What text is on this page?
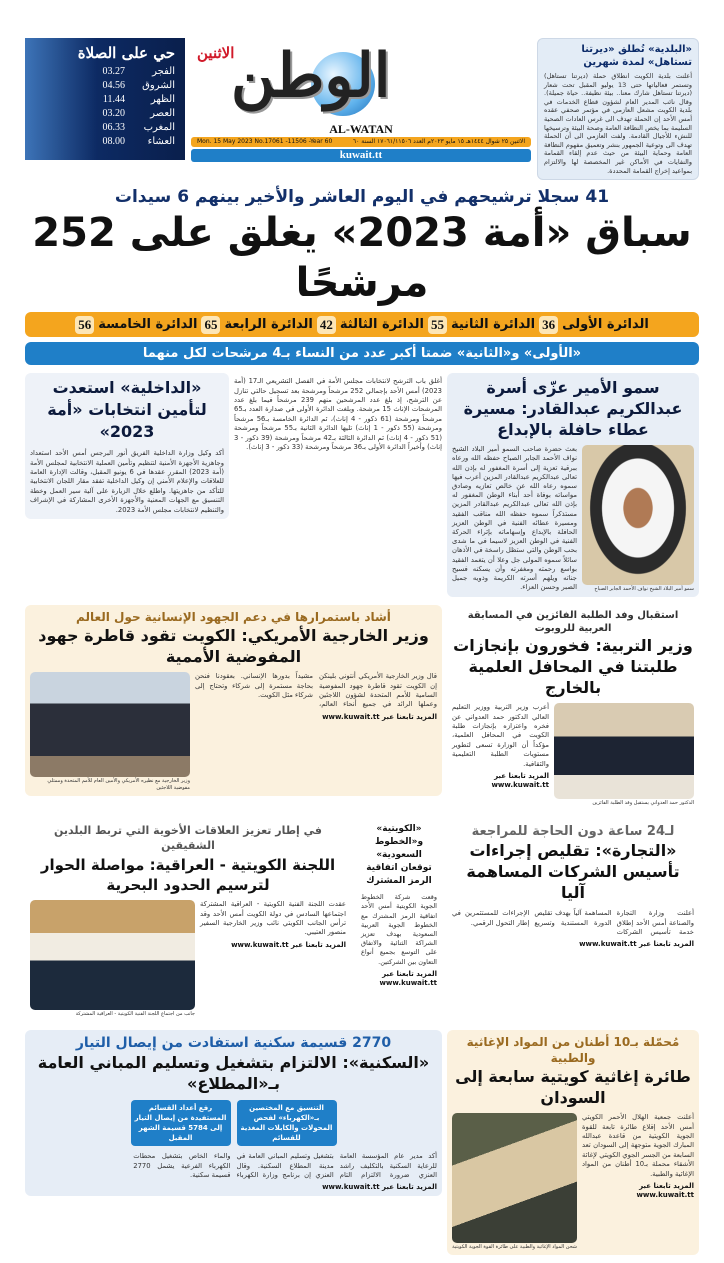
«البلدية» تُطلق «ديرتنا تستاهل» لمدة شهرين

أعلنت بلدية الكويت انطلاق حملة (ديرتنا تستاهل) وتستمر فعالياتها حتى 13 يوليو المقبل تحت شعار (ديرتنا تستاهل شارك معنا.. بيئة نظيفة.. حياة جميلة). وقال نائب المدير العام لشؤون قطاع الخدمات في بلدية الكويت مشعل العازمي في مؤتمر صحفي عقده أمس الأحد إن الحملة تهدف الى غرس العادات الصحية السليمة بما يخص النظافة العامة وصحة البيئة وترسيخها للنشء للأجيال القادمة. ولفت العازمي الى أن الحملة تهدف الى وتوعية الجمهور بنشر وتعميق مفهوم النظافة العامة وحماية البيئة من حيث عدم إلقاء القمامة والنفايات في الأماكن غير المخصصة لها والالتزام بمواعيد إخراج القمامة المحددة.

الوطن
الاثنين
AL-WATAN
Mon. 15 May 2023 No.17061 -11506 -Year 60	الاثنين ٢٥ شوال ١٤٤٤هـ ١٥ مايو ٢٠٢٣م العدد ١٧٠٦١/١١٥٠٦ السنة ٦٠
kuwait.tt
حي على الصلاة
الفجر
03.27
الشروق
04.56
الظهر
11.44
العصر
03.20
المغرب
06.33
العشاء
08.00
41 سجلا ترشيحهم في اليوم العاشر والأخير بينهم 6 سيدات
سباق «أمة 2023» يغلق على 252 مرشحًا
الدائرة الأولى
36
الدائرة الثانية
55
الدائرة الثالثة
42
الدائرة الرابعة
65
الدائرة الخامسة
56
«الأولى» و«الثانية» ضمتا أكبر عدد من النساء بـ4 مرشحات لكل منهما
سمو الأمير عزّى أسرة عبدالكريم عبدالقادر: مسيرة عطاء حافلة بالإبداع
سمو أمير البلاد الشيخ نواف الأحمد الجابر الصباح

بعث حضرة صاحب السمو أمير البلاد الشيخ نواف الأحمد الجابر الصباح حفظه الله ورعاه ببرقية تعزية إلى أسرة المغفور له بإذن الله تعالى عبدالكريم عبدالقادر المزين أعرب فيها سموه رعاه الله عن خالص تعازيه وصادق مواساته بوفاة أحد أبناء الوطن المغفور له بإذن الله تعالى عبدالكريم عبدالقادر المزين مستذكراً سموه حفظه الله مناقب الفقيد ومسيرة عطائه الفنية في الوطن العزيز الحافلة بالإبداع وإسهاماته بإثراء الحركة الفنية في الوطن العزيز لاسيما في ما شدى بحب الوطن والتي ستظل راسخة في الأذهان سائلاً سموه المولى جل وعلا أن يتغمد الفقيد بواسع رحمته ومغفرته وأن يسكنه فسيح جناته ويلهم أسرته الكريمة وذويه جميل الصبر وحسن العزاء.

أغلق باب الترشح لانتخابات مجلس الأمة في الفصل التشريعي الـ17 (أمة 2023) أمس الأحد بإجمالي 252 مرشحاً ومرشحة بعد تسجيل حالتي تنازل عن الترشح، إذ بلغ عدد المرشحين منهم 239 مرشحاً فيما بلغ عدد المرشحات الإناث 15 مرشحة. وبلغت الدائرة الأولى في صدارة العدد بـ65 مرشحاً ومرشحة (61 ذكور - 4 إناث)، ثم الدائرة الخامسة بـ56 مرشحاً ومرشحة (55 ذكور - 1 إناث) تليها الدائرة الثانية بـ55 مرشحاً ومرشحة (51 ذكور - 4 إناث) ثم الدائرة الثالثة بـ42 مرشحاً ومرشحة (39 ذكور - 3 إناث) وأخيراً الدائرة الأولى بـ36 مرشحاً ومرشحة (33 ذكور - 3 إناث).

«الداخلية» استعدت لتأمين انتخابات «أمة 2023»

أكد وكيل وزارة الداخلية الفريق أنور البرجس أمس الأحد استعداد وجاهزية الأجهزة الأمنية لتنظيم وتأمين العملية الانتخابية لمجلس الأمة (أمة 2023) المقرر عقدها في 6 يونيو المقبل، وقالت الإدارة العامة للعلاقات والإعلام الأمني إن وكيل الداخلية تفقد مقار اللجان الانتخابية للتأكد من جاهزيتها. واطلع خلال الزيارة على آلية سير العمل وخطة التنسيق مع الجهات المعنية والأجهزة الأخرى المشاركة في الإشراف والتنظيم لانتخابات مجلس الأمة 2023.

استقبال وفد الطلبة الفائزين في المسابقة العربية للروبوت
وزير التربية: فخورون بإنجازات طلبتنا في المحافل العلمية بالخارج
الدكتور حمد العدواني يستقبل وفد الطلبة الفائزين

أعرب وزير التربية ووزير التعليم العالي الدكتور حمد العدواني عن فخره واعتزازه بإنجازات طلبة الكويت في المحافل العلمية، مؤكداً أن الوزارة تسعى لتطوير مستويات الطلبة التعليمية والثقافية.

المزيد تابعنا عبر www.kuwait.tt
أشاد باستمرارها في دعم الجهود الإنسانية حول العالم
وزير الخارجية الأمريكي: الكويت تقود قاطرة جهود المفوضية الأممية

قال وزير الخارجية الأمريكي أنتوني بلينكن إن الكويت تقود قاطرة جهود المفوضية السامية للأمم المتحدة لشؤون اللاجئين وعملها الرائد في جميع أنحاء العالم، مشيداً بدورها الإنساني. بعقودنا فنحن بحاجة مستمرة إلى شركاء وتحتاج إلى شركاء مثل الكويت.

المزيد تابعنا عبر www.kuwait.tt
وزير الخارجية مع نظيره الأمريكي والأمين العام للأمم المتحدة وممثلي مفوضية اللاجئين
لـ24 ساعة دون الحاجة للمراجعة
«التجارة»: تقليص إجراءات تأسيس الشركات المساهمة آليا

أعلنت وزارة التجارة والصناعة أمس الأحد إطلاق خدمة تأسيس الشركات المساهمة آلياً بهدف تقليص الدورة المستندية وتسريع الإجراءات للمستثمرين في إطار التحول الرقمي.

المزيد تابعنا عبر www.kuwait.tt
«الكويتية» و«الخطوط السعودية» توقعان اتفاقية الرمز المشترك

وقعت شركة الخطوط الجوية الكويتية أمس الأحد اتفاقية الرمز المشترك مع الخطوط الجوية العربية السعودية بهدف تعزيز الشراكة الثنائية والاتفاق على التوسع بجميع أنواع التعاون بين الشركتين.

المزيد تابعنا عبر www.kuwait.tt
في إطار تعزيز العلاقات الأخوية التي تربط البلدين الشقيقين
اللجنة الكويتية - العراقية: مواصلة الحوار لترسيم الحدود البحرية

عقدت اللجنة الفنية الكويتية - العراقية المشتركة اجتماعها السادس في دولة الكويت أمس الأحد وقد ترأس الجانب الكويتي نائب وزير الخارجية السفير منصور العتيبي.

المزيد تابعنا عبر www.kuwait.tt
جانب من اجتماع اللجنة الفنية الكويتية - العراقية المشتركة
مُحمّلة بـ10 أطنان من المواد الإغاثية والطبية
طائرة إغاثية كويتية سابعة إلى السودان

أعلنت جمعية الهلال الأحمر الكويتي أمس الأحد إقلاع طائرة تابعة للقوة الجوية الكويتية من قاعدة عبدالله المبارك الجوية متوجهة إلى السودان تعد السابعة من الجسر الجوي الكويتي لإغاثة الأشقاء محملة بـ10 أطنان من المواد الإغاثية والطبية.

المزيد تابعنا عبر www.kuwait.tt
شحن المواد الإغاثية والطبية على طائرة القوة الجوية الكويتية
2770 قسيمة سكنية استفادت من إيصال التيار
«السكنية»: الالتزام بتشغيل وتسليم المباني العامة بـ«المطلاع»
التنسيق مع المختصين بـ«الكهرباء» لفحص المحولات والكابلات المغذية للقسائم
رفع أعداد القسائم المستفيدة من إيصال التيار إلى 5784 قسيمة الشهر المقبل

أكد مدير عام المؤسسة العامة للرعاية السكنية بالتكليف راشد العنزي ضرورة الالتزام التام بتشغيل وتسليم المباني العامة في مدينة المطلاع السكنية. وقال العنزي إن برنامج وزارة الكهرباء والماء الخاص بتشغيل محطات الكهرباء الفرعية يشمل 2770 قسيمة سكنية.

المزيد تابعنا عبر www.kuwait.tt
